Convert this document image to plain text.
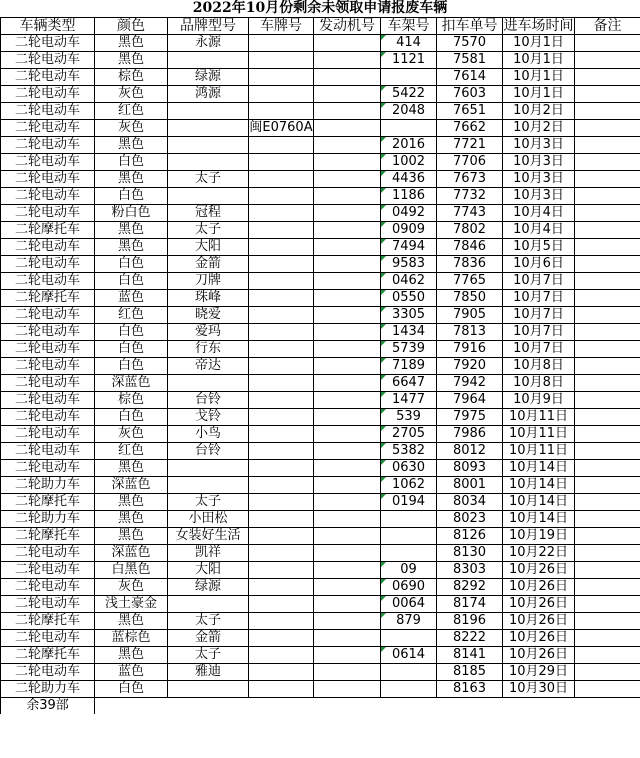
2022年10月份剩余未领取申请报废车辆
车辆类型	颜色	品牌型号	车牌号	发动机号	车架号	扣车单号	进车场时间	备注
二轮电动车	黑色	永源			414	7570	10月1日	
二轮电动车	黑色				1121	7581	10月1日	
二轮电动车	棕色	绿源				7614	10月1日	
二轮电动车	灰色	鸿源			5422	7603	10月1日	
二轮电动车	红色				2048	7651	10月2日	
二轮电动车	灰色		闽E0760A			7662	10月2日	
二轮电动车	黑色				2016	7721	10月3日	
二轮电动车	白色				1002	7706	10月3日	
二轮电动车	黑色	太子			4436	7673	10月3日	
二轮电动车	白色				1186	7732	10月3日	
二轮电动车	粉白色	冠程			0492	7743	10月4日	
二轮摩托车	黑色	太子			0909	7802	10月4日	
二轮电动车	黑色	大阳			7494	7846	10月5日	
二轮电动车	白色	金箭			9583	7836	10月6日	
二轮电动车	白色	刀牌			0462	7765	10月7日	
二轮摩托车	蓝色	珠峰			0550	7850	10月7日	
二轮电动车	红色	晓爱			3305	7905	10月7日	
二轮电动车	白色	爱玛			1434	7813	10月7日	
二轮电动车	白色	行东			5739	7916	10月7日	
二轮电动车	白色	帝达			7189	7920	10月8日	
二轮电动车	深蓝色				6647	7942	10月8日	
二轮电动车	棕色	台铃			1477	7964	10月9日	
二轮电动车	白色	戈铃			539	7975	10月11日	
二轮电动车	灰色	小鸟			2705	7986	10月11日	
二轮电动车	红色	台铃			5382	8012	10月11日	
二轮电动车	黑色				0630	8093	10月14日	
二轮助力车	深蓝色				1062	8001	10月14日	
二轮摩托车	黑色	太子			0194	8034	10月14日	
二轮助力车	黑色	小田松				8023	10月14日	
二轮摩托车	黑色	女装好生活				8126	10月19日	
二轮电动车	深蓝色	凯祥				8130	10月22日	
二轮电动车	白黑色	大阳			09	8303	10月26日	
二轮电动车	灰色	绿源			0690	8292	10月26日	
二轮电动车	浅土豪金				0064	8174	10月26日	
二轮摩托车	黑色	太子			879	8196	10月26日	
二轮电动车	蓝棕色	金箭				8222	10月26日	
二轮摩托车	黑色	太子			0614	8141	10月26日	
二轮电动车	蓝色	雅迪				8185	10月29日	
二轮助力车	白色					8163	10月30日	
余39部								
